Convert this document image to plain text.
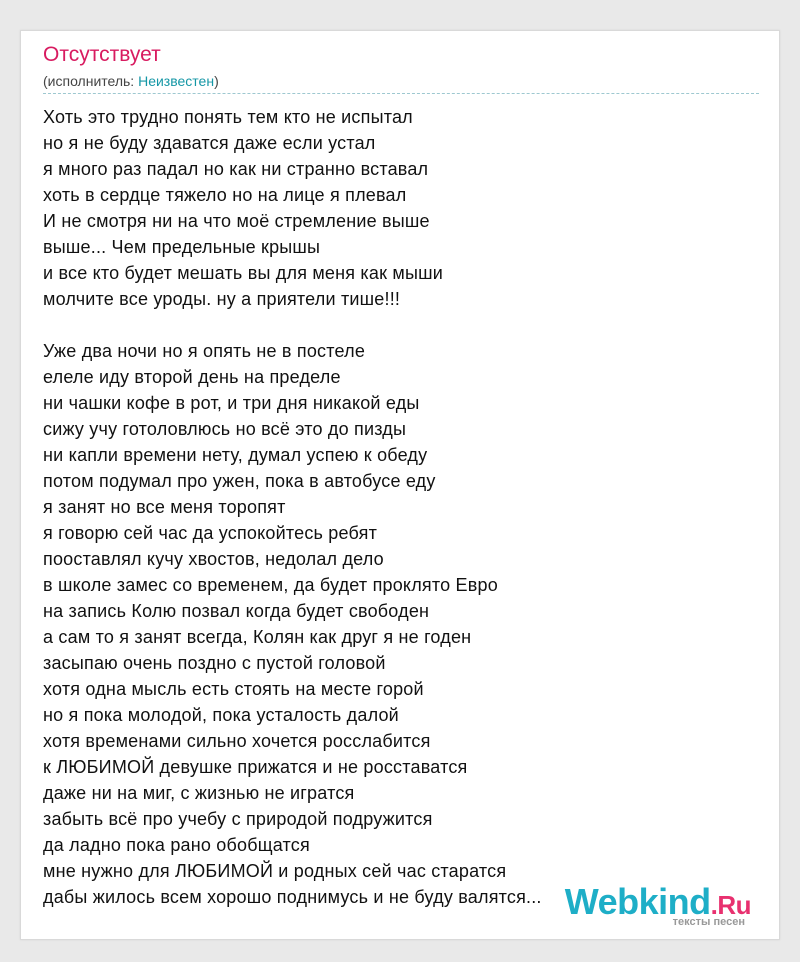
Отсутствует
(исполнитель: Неизвестен)
Хоть это трудно понять тем кто не испытал
но я не буду здаватся даже если устал
я много раз падал но как ни странно вставал
хоть в сердце тяжело но на лице я плевал
И не смотря ни на что моё стремление выше
выше... Чем предельные крышы
и все кто будет мешать вы для меня как мыши
молчите все уроды. ну а приятели тише!!!
Уже два ночи но я опять не в постеле
елеле иду второй день на пределе
ни чашки кофе в рот, и три дня никакой еды
сижу учу готоловлюсь но всё это до пизды
ни капли времени нету, думал успею к обеду
потом подумал про ужен, пока в автобусе еду
я занят но все меня торопят
я говорю сей час да успокойтесь ребят
пооставлял кучу хвостов, недолал дело
в школе замес со временем, да будет проклято Евро
на запись Колю позвал когда будет свободен
а сам то я занят всегда, Колян как друг я не годен
засыпаю очень поздно с пустой головой
хотя одна мысль есть стоять на месте горой
но я пока молодой, пока усталость далой
хотя временами сильно хочется росслабится
к ЛЮБИМОЙ девушке прижатся и не росставатся
даже ни на миг, с жизнью не игратся
забыть всё про учебу с природой подружится
да ладно пока рано обобщатся
мне нужно для ЛЮБИМОЙ и родных сей час старатся
дабы жилось всем хорошо поднимусь и не буду валятся... Webkind.Ru
тексты песен
